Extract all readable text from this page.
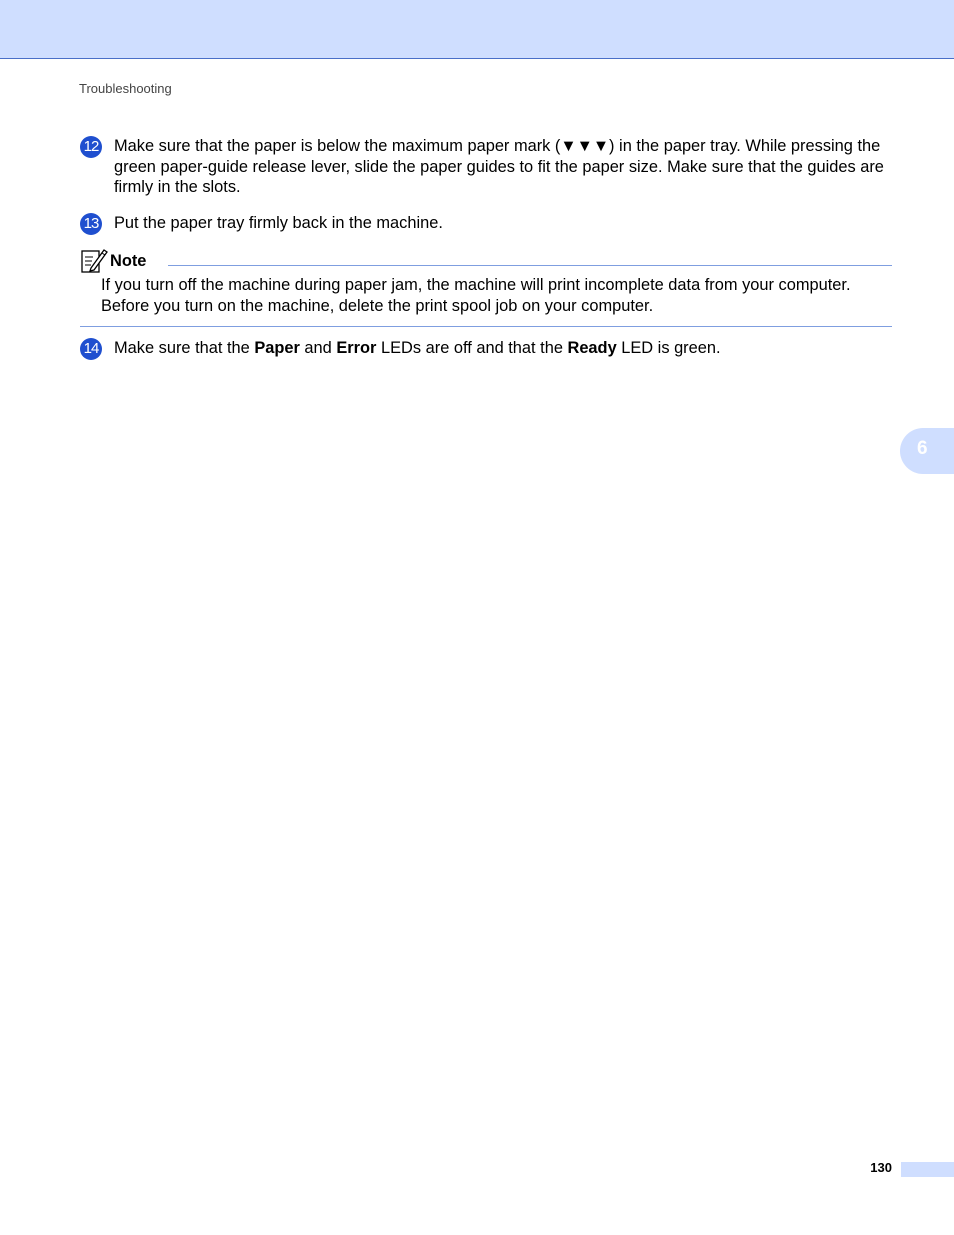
Troubleshooting
12 Make sure that the paper is below the maximum paper mark (▼▼▼) in the paper tray. While pressing the green paper-guide release lever, slide the paper guides to fit the paper size. Make sure that the guides are firmly in the slots.
13 Put the paper tray firmly back in the machine.
Note
If you turn off the machine during paper jam, the machine will print incomplete data from your computer. Before you turn on the machine, delete the print spool job on your computer.
14 Make sure that the Paper and Error LEDs are off and that the Ready LED is green.
6
130
